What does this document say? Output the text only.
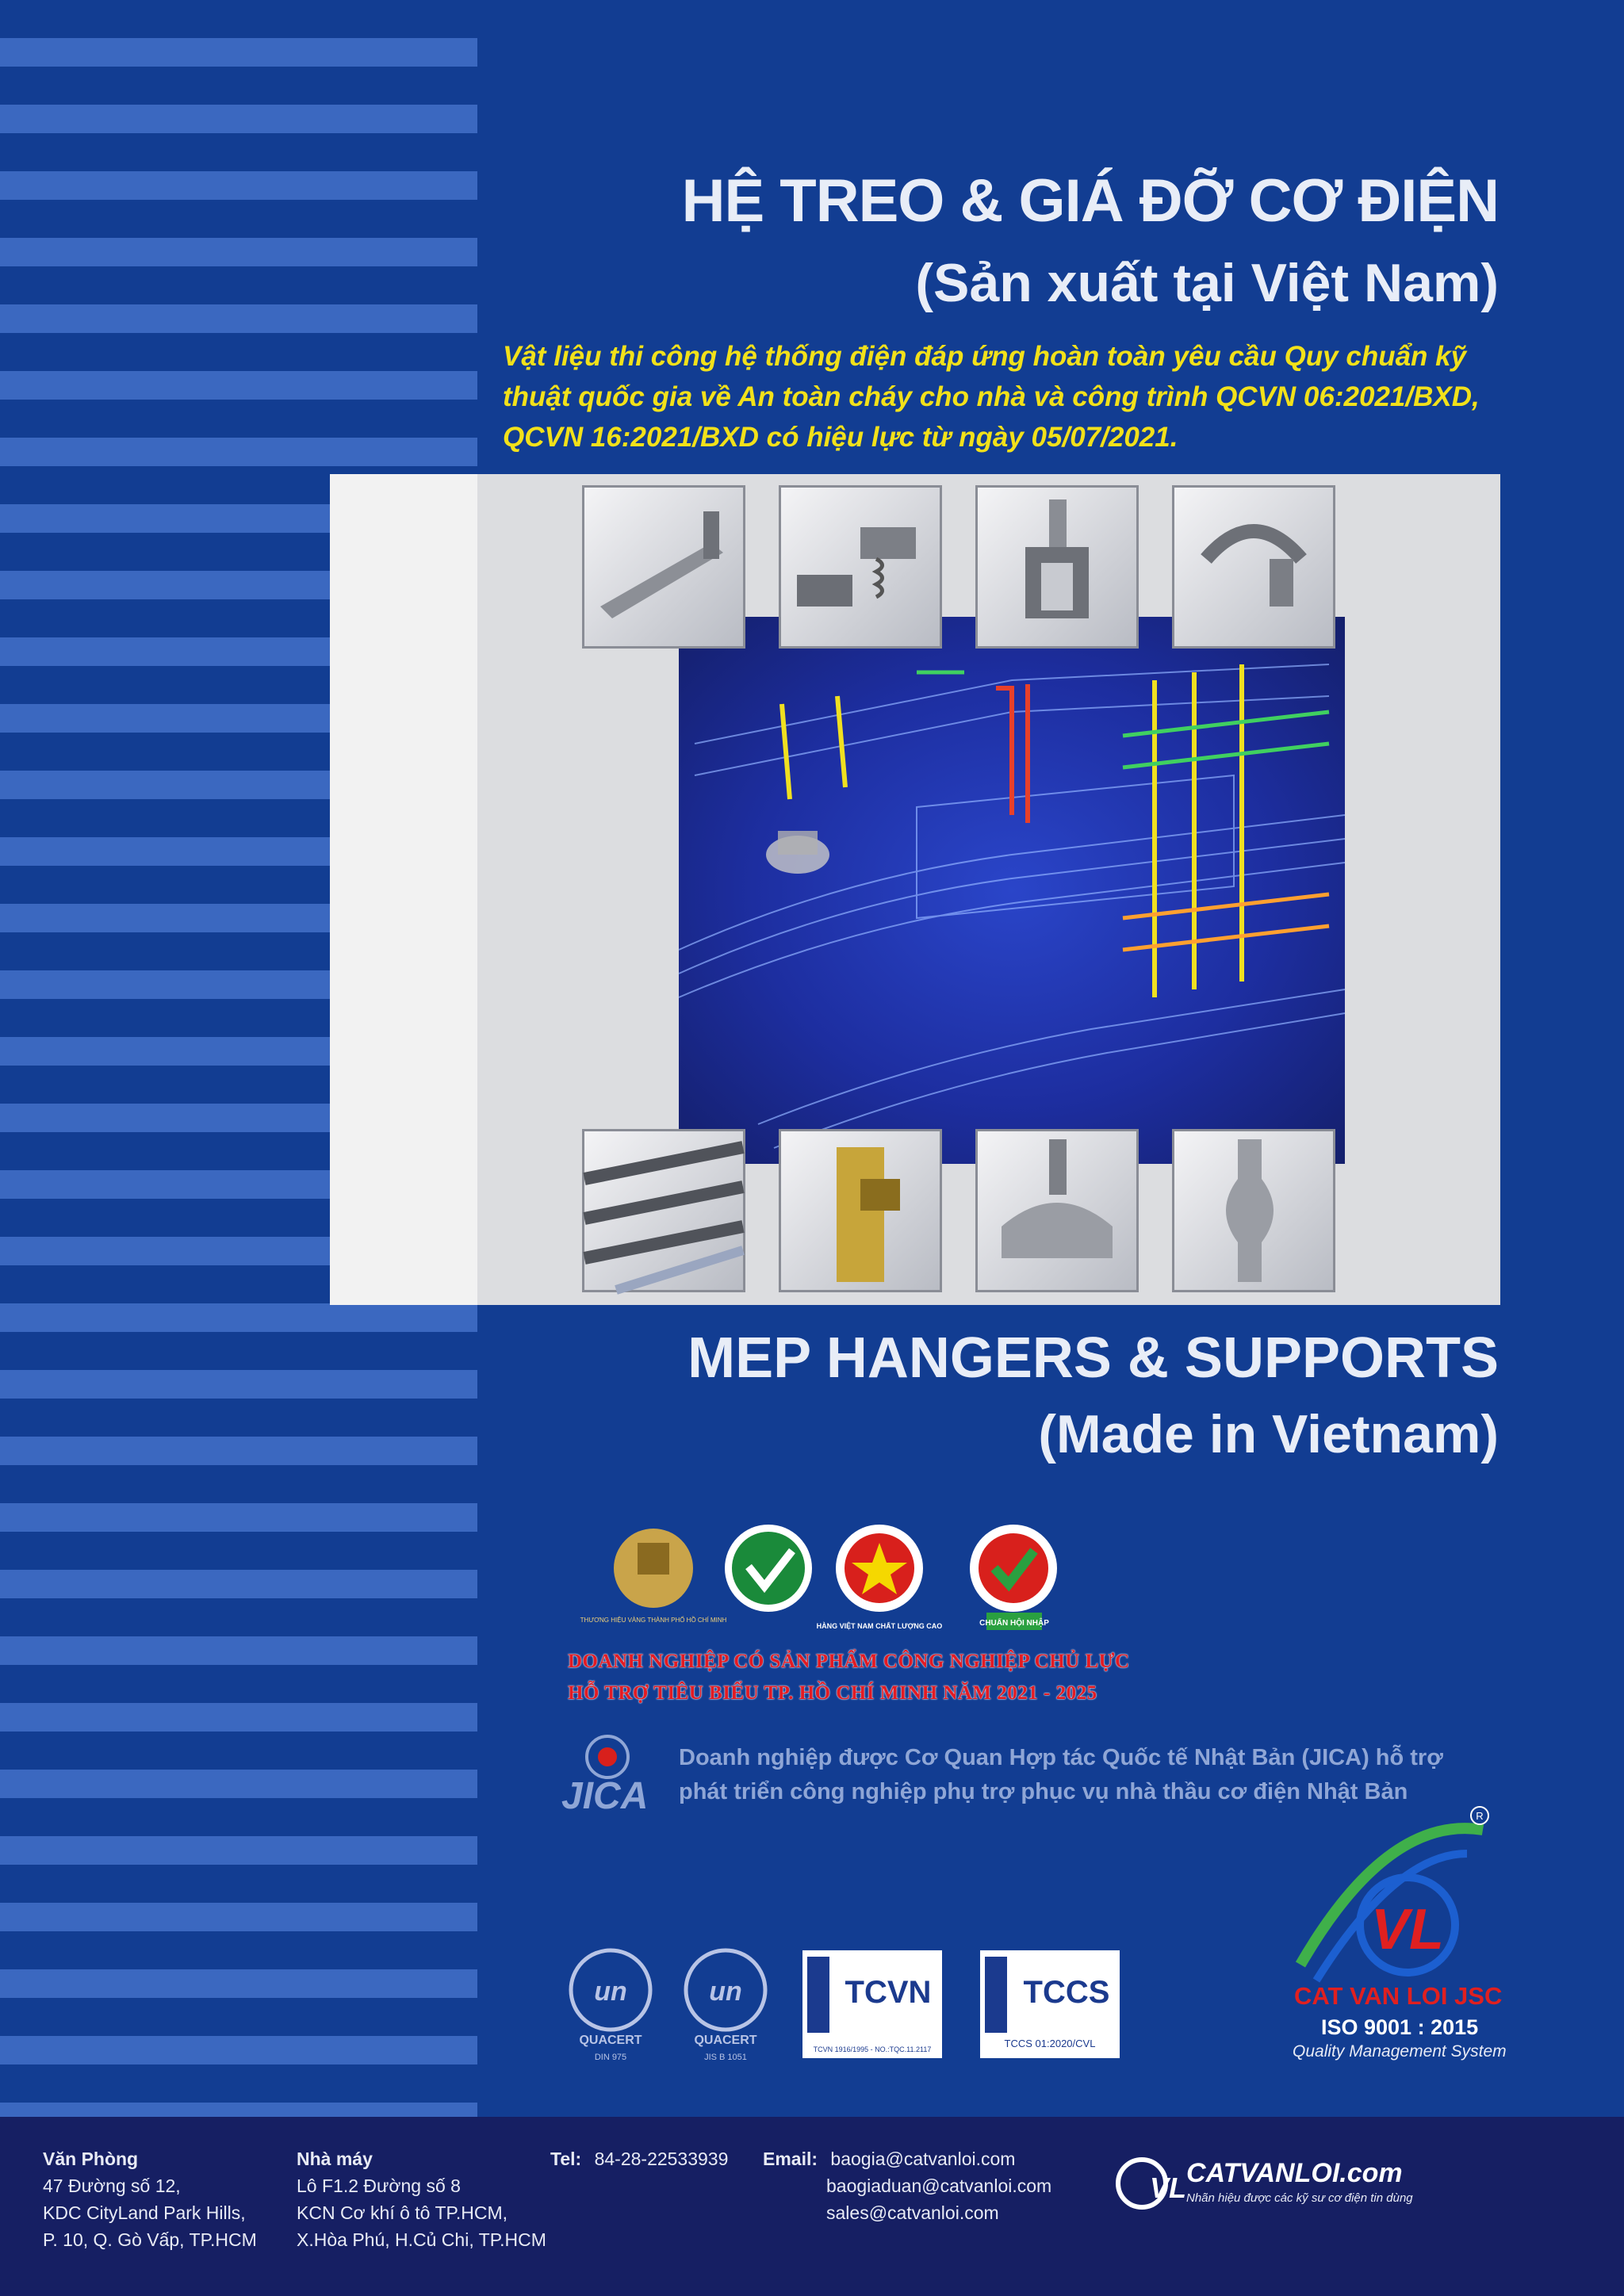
HỆ TREO & GIÁ ĐỠ CƠ ĐIỆN
(Sản xuất tại Việt Nam)
Vật liệu thi công hệ thống điện đáp ứng hoàn toàn yêu cầu Quy chuẩn kỹ thuật quốc gia về An toàn cháy cho nhà và công trình QCVN 06:2021/BXD, QCVN 16:2021/BXD có hiệu lực từ ngày 05/07/2021.
MEP HANGERS & SUPPORTS
(Made in Vietnam)
THƯƠNG HIỆU VÀNG THÀNH PHỐ HỒ CHÍ MINH
HÀNG VIỆT NAM CHẤT LƯỢNG CAO	CHUẨN HỘI NHẬP
DOANH NGHIỆP CÓ SẢN PHẨM CÔNG NGHIỆP CHỦ LỰC
HỖ TRỢ TIÊU BIỂU TP. HỒ CHÍ MINH NĂM 2021 - 2025
JICA
Doanh nghiệp được Cơ Quan Hợp tác Quốc tế Nhật Bản (JICA) hỗ trợ
phát triển công nghiệp phụ trợ phục vụ nhà thầu cơ điện Nhật Bản
un
QUACERT
DIN 975
un
QUACERT
JIS B 1051
TCVN
TCVN 1916/1995 - NO.:TQC.11.2117
TCCS
TCCS 01:2020/CVL
VL
R
CAT VAN LOI JSC
ISO 9001 : 2015
Quality Management System
Văn Phòng
47 Đường số 12,
KDC CityLand Park Hills,
P. 10, Q. Gò Vấp, TP.HCM
Nhà máy
Lô F1.2 Đường số 8
KCN Cơ khí ô tô TP.HCM,
X.Hòa Phú, H.Củ Chi, TP.HCM
Tel: 84-28-22533939 Email: baogia@catvanloi.com
baogiaduan@catvanloi.com
sales@catvanloi.com
VL CATVANLOI.com
Nhãn hiệu được các kỹ sư cơ điện tin dùng
